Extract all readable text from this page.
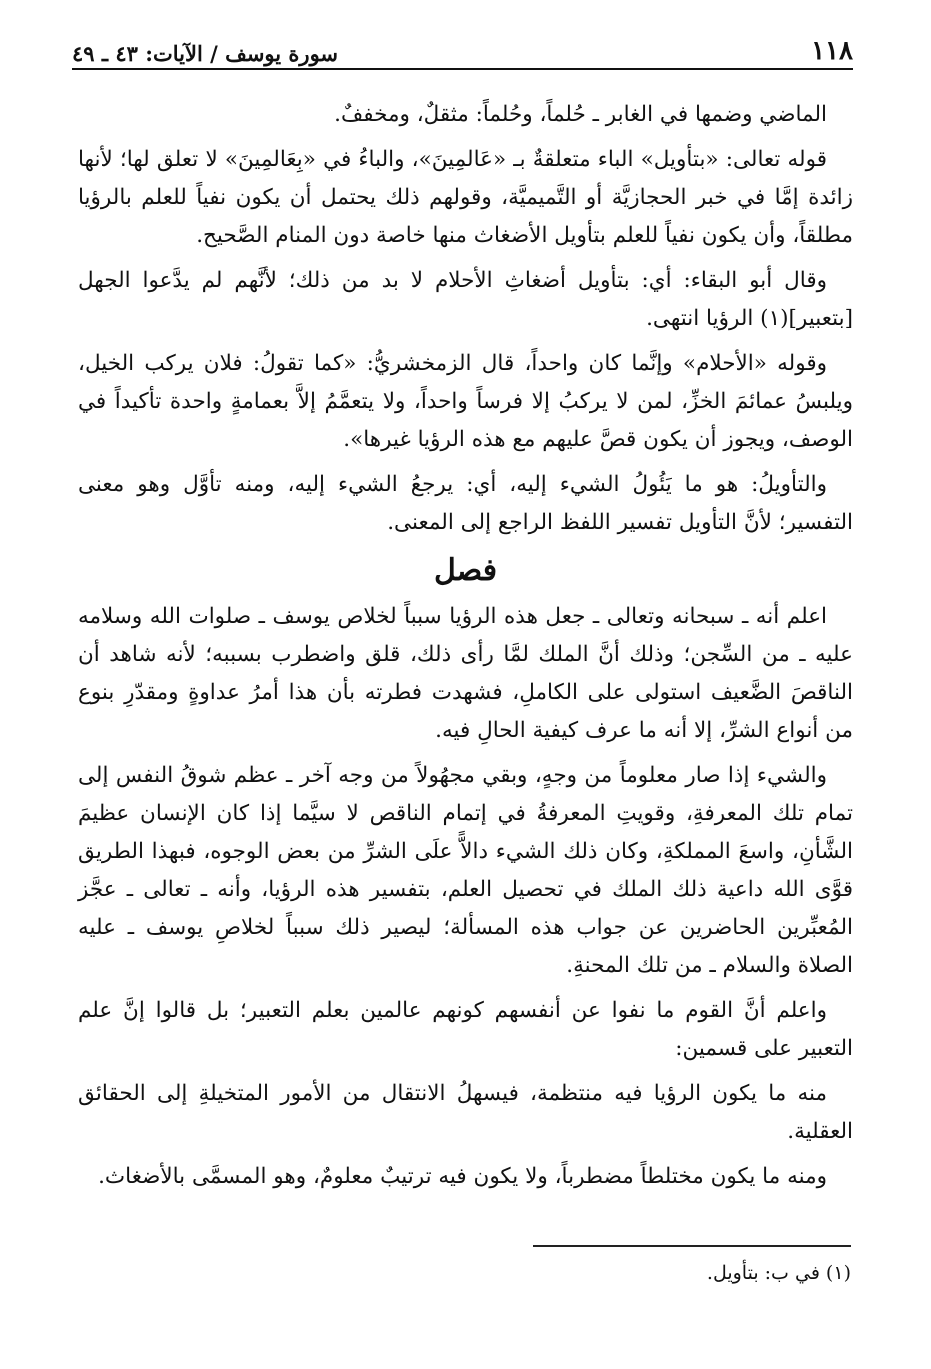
١١٨
سورة يوسف / الآيات: ٤٣ ـ ٤٩

الماضي وضمها في الغابر ـ حُلماً، وحُلماً: مثقلٌ، ومخففٌ.

قوله تعالى: «بتأويل» الباء متعلقةٌ بـ «عَالمِينَ»، والباءُ في «بِعَالمِينَ» لا تعلق لها؛ لأنها زائدة إمَّا في خبر الحجازيَّة أو التَّميميَّة، وقولهم ذلك يحتمل أن يكون نفياً للعلم بالرؤيا مطلقاً، وأن يكون نفياً للعلم بتأويل الأضغاث منها خاصة دون المنام الصَّحيح.

وقال أبو البقاء: أي: بتأويل أضغاثِ الأحلام لا بد من ذلك؛ لأنَّهم لم يدَّعوا الجهل [بتعبير](١) الرؤيا انتهى.

وقوله «الأحلام» وإنَّما كان واحداً، قال الزمخشريُّ: «كما تقولُ: فلان يركب الخيل، ويلبسُ عمائمَ الخزِّ، لمن لا يركبُ إلا فرساً واحداً، ولا يتعمَّمُ إلاَّ بعمامةٍ واحدة تأكيداً في الوصف، ويجوز أن يكون قصَّ عليهم مع هذه الرؤيا غيرها».

والتأويلُ: هو ما يَئُولُ الشيء إليه، أي: يرجعُ الشيء إليه، ومنه تأوَّل وهو معنى التفسير؛ لأنَّ التأويل تفسير اللفظ الراجع إلى المعنى.

فصل

اعلم أنه ـ سبحانه وتعالى ـ جعل هذه الرؤيا سبباً لخلاص يوسف ـ صلوات الله وسلامه عليه ـ من السِّجن؛ وذلك أنَّ الملك لمَّا رأى ذلك، قلق واضطرب بسببه؛ لأنه شاهد أن الناقصَ الضَّعيف استولى على الكاملِ، فشهدت فطرته بأن هذا أمرُ عداوةٍ ومقدّرِ بنوع من أنواع الشرِّ، إلا أنه ما عرف كيفية الحالِ فيه.

والشيء إذا صار معلوماً من وجهٍ، وبقي مجهُولاً من وجه آخر ـ عظم شوقُ النفس إلى تمام تلك المعرفةِ، وقويتِ المعرفةُ في إتمام الناقص لا سيَّما إذا كان الإنسان عظيمَ الشَّأنِ، واسعَ المملكةِ، وكان ذلك الشيء دالاًّ علَى الشرِّ من بعض الوجوه، فبهذا الطريق قوَّى الله داعية ذلك الملك في تحصيل العلم، بتفسير هذه الرؤيا، وأنه ـ تعالى ـ عجَّز المُعبِّرين الحاضرين عن جواب هذه المسألة؛ ليصير ذلك سبباً لخلاصِ يوسف ـ عليه الصلاة والسلام ـ من تلك المحنةِ.

واعلم أنَّ القوم ما نفوا عن أنفسهم كونهم عالمين بعلم التعبير؛ بل قالوا إنَّ علم التعبير على قسمين:

منه ما يكون الرؤيا فيه منتظمة، فيسهلُ الانتقال من الأمور المتخيلةِ إلى الحقائق العقلية.

ومنه ما يكون مختلطاً مضطرباً، ولا يكون فيه ترتيبٌ معلومٌ، وهو المسمَّى بالأضغاث.

(١) في ب: بتأويل.
